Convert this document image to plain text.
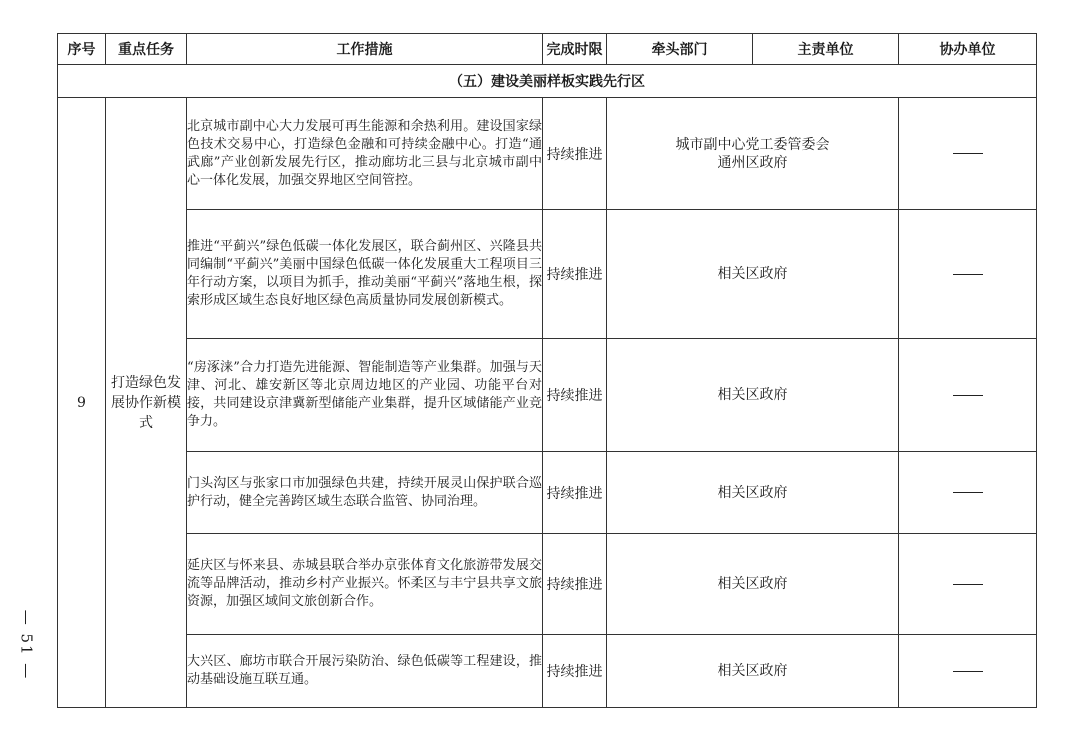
— 51 —
序号	重点任务	工作措施	完成时限	牵头部门	主责单位	协办单位
（五）建设美丽样板实践先行区						
9	打造绿色发展协作新模式	北京城市副中心大力发展可再生能源和余热利用。建设国家绿色技术交易中心，打造绿色金融和可持续金融中心。打造“通武廊”产业创新发展先行区，推动廊坊北三县与北京城市副中心一体化发展，加强交界地区空间管控。	持续推进	城市副中心党工委管委会
通州区政府

		推进“平蓟兴”绿色低碳一体化发展区，联合蓟州区、兴隆县共同编制“平蓟兴”美丽中国绿色低碳一体化发展重大工程项目三年行动方案，以项目为抓手，推动美丽“平蓟兴”落地生根，探索形成区域生态良好地区绿色高质量协同发展创新模式。	持续推进	相关区政府

		“房涿涞”合力打造先进能源、智能制造等产业集群。加强与天津、河北、雄安新区等北京周边地区的产业园、功能平台对接，共同建设京津冀新型储能产业集群，提升区域储能产业竞争力。	持续推进	相关区政府

		门头沟区与张家口市加强绿色共建，持续开展灵山保护联合巡护行动，健全完善跨区域生态联合监管、协同治理。	持续推进	相关区政府

		延庆区与怀来县、赤城县联合举办京张体育文化旅游带发展交流等品牌活动，推动乡村产业振兴。怀柔区与丰宁县共享文旅资源，加强区域间文旅创新合作。	持续推进	相关区政府

		大兴区、廊坊市联合开展污染防治、绿色低碳等工程建设，推动基础设施互联互通。	持续推进	相关区政府
